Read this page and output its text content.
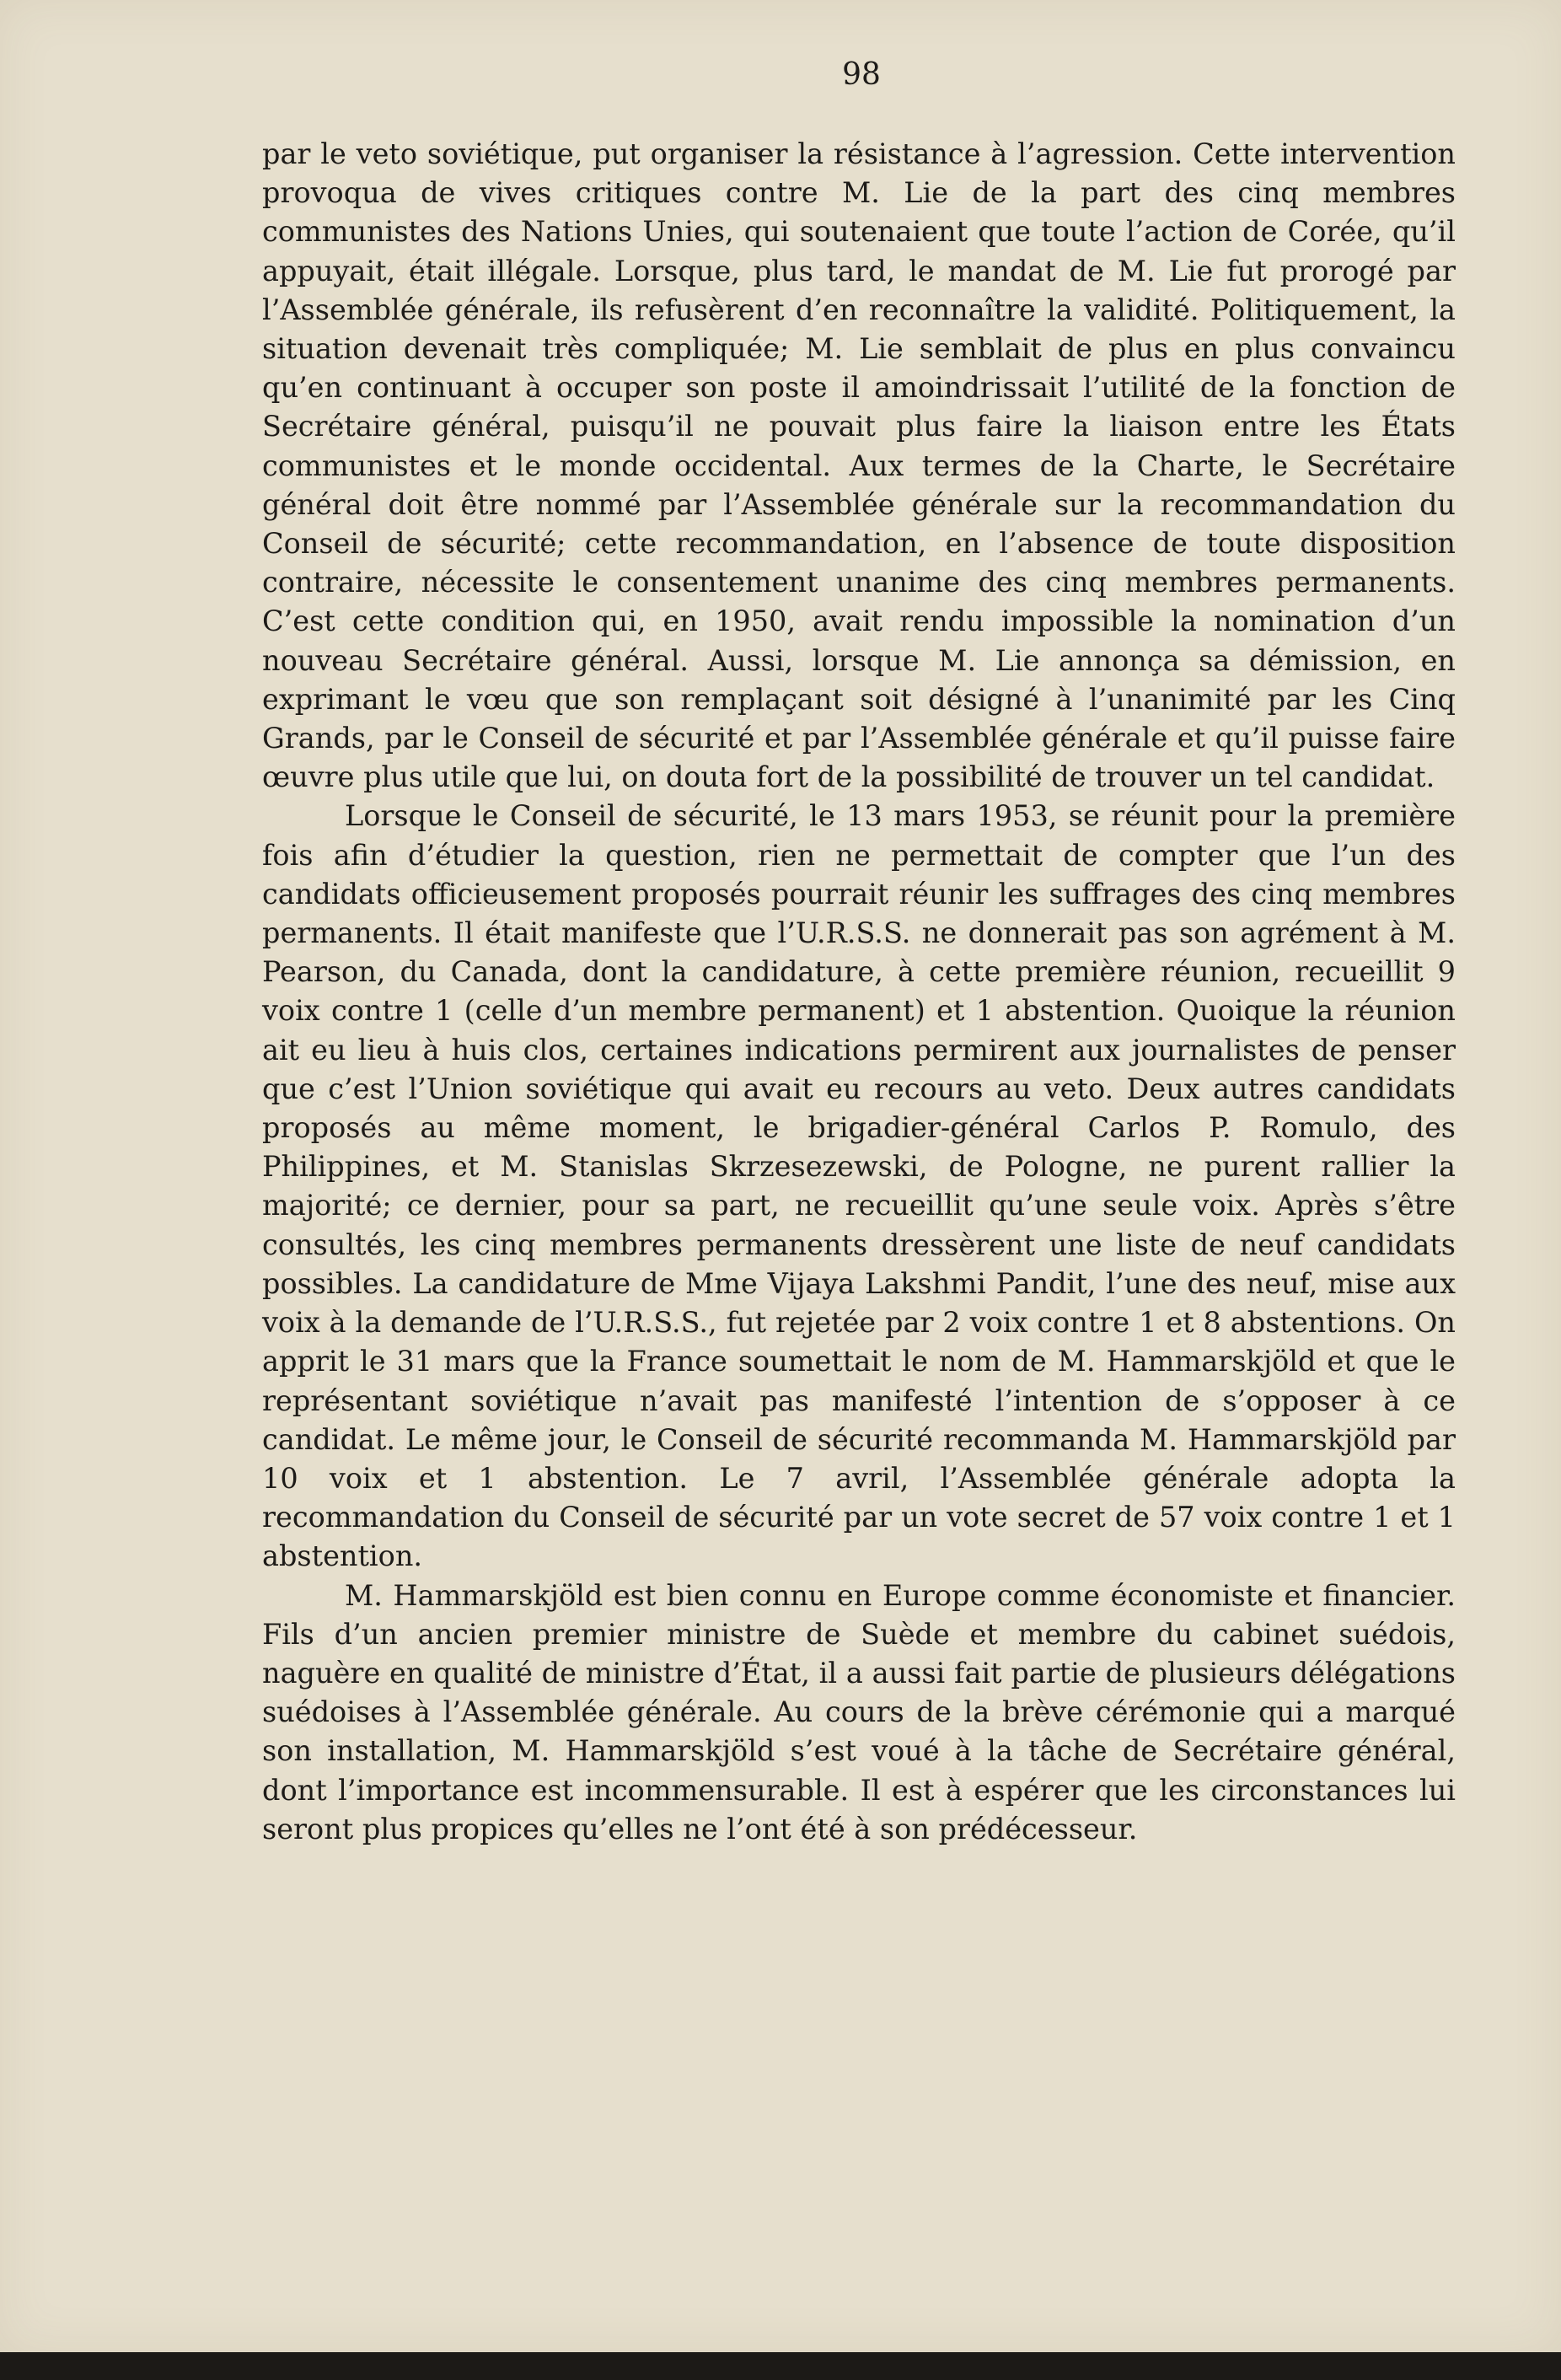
98

par le veto soviétique, put organiser la résistance à l’agression. Cette intervention provoqua de vives critiques contre M. Lie de la part des cinq membres communistes des Nations Unies, qui soutenaient que toute l’action de Corée, qu’il appuyait, était illégale. Lorsque, plus tard, le mandat de M. Lie fut prorogé par l’Assemblée générale, ils refusèrent d’en reconnaître la validité. Politiquement, la situation devenait très compliquée; M. Lie semblait de plus en plus convaincu qu’en continuant à occuper son poste il amoindrissait l’utilité de la fonction de Secrétaire général, puisqu’il ne pouvait plus faire la liaison entre les États communistes et le monde occidental. Aux termes de la Charte, le Secrétaire général doit être nommé par l’Assemblée générale sur la recommandation du Conseil de sécurité; cette recommandation, en l’absence de toute disposition contraire, nécessite le consentement unanime des cinq membres permanents. C’est cette condition qui, en 1950, avait rendu impossible la nomination d’un nouveau Secrétaire général. Aussi, lorsque M. Lie annonça sa démission, en exprimant le vœu que son remplaçant soit désigné à l’unanimité par les Cinq Grands, par le Conseil de sécurité et par l’Assemblée générale et qu’il puisse faire œuvre plus utile que lui, on douta fort de la possibilité de trouver un tel candidat.

Lorsque le Conseil de sécurité, le 13 mars 1953, se réunit pour la première fois afin d’étudier la question, rien ne permettait de compter que l’un des candidats officieusement proposés pourrait réunir les suffrages des cinq membres permanents. Il était manifeste que l’U.R.S.S. ne donnerait pas son agrément à M. Pearson, du Canada, dont la candidature, à cette première réunion, recueillit 9 voix contre 1 (celle d’un membre permanent) et 1 abstention. Quoique la réunion ait eu lieu à huis clos, certaines indications permirent aux journalistes de penser que c’est l’Union soviétique qui avait eu recours au veto. Deux autres candidats proposés au même moment, le brigadier-général Carlos P. Romulo, des Philippines, et M. Stanislas Skrzesezewski, de Pologne, ne purent rallier la majorité; ce dernier, pour sa part, ne recueillit qu’une seule voix. Après s’être consultés, les cinq membres permanents dressèrent une liste de neuf candidats possibles. La candidature de Mme Vijaya Lakshmi Pandit, l’une des neuf, mise aux voix à la demande de l’U.R.S.S., fut rejetée par 2 voix contre 1 et 8 abstentions. On apprit le 31 mars que la France soumettait le nom de M. Hammarskjöld et que le représentant soviétique n’avait pas manifesté l’intention de s’opposer à ce candidat. Le même jour, le Conseil de sécurité recommanda M. Hammarskjöld par 10 voix et 1 abstention. Le 7 avril, l’Assemblée générale adopta la recommandation du Conseil de sécurité par un vote secret de 57 voix contre 1 et 1 abstention.

M. Hammarskjöld est bien connu en Europe comme économiste et financier. Fils d’un ancien premier ministre de Suède et membre du cabinet suédois, naguère en qualité de ministre d’État, il a aussi fait partie de plusieurs délégations suédoises à l’Assemblée générale. Au cours de la brève cérémonie qui a marqué son installation, M. Hammarskjöld s’est voué à la tâche de Secrétaire général, dont l’importance est incommensurable. Il est à espérer que les circonstances lui seront plus propices qu’elles ne l’ont été à son prédécesseur.
